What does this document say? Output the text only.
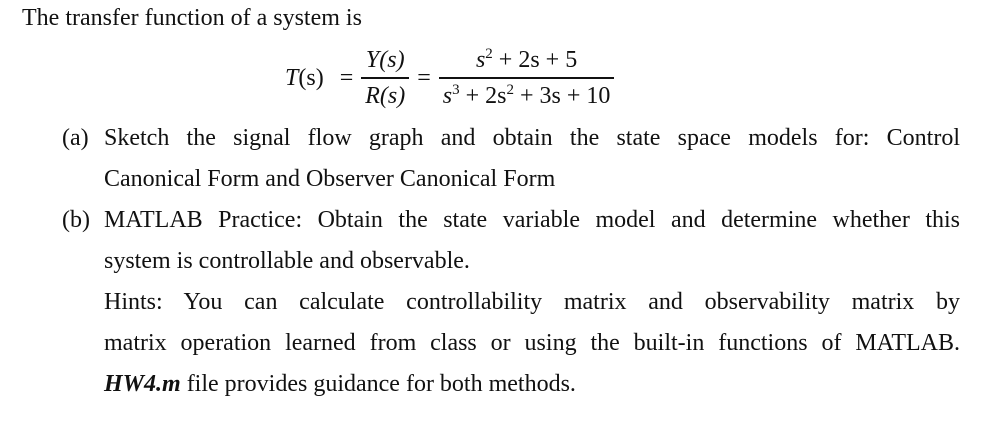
The transfer function of a system is
$T(s) = \frac{Y(s)}{R(s)} = \frac{s^2 + 2s + 5}{s^3 + 2s^2 + 3s + 10}$
(a) Sketch the signal flow graph and obtain the state space models for: Control
Canonical Form and Observer Canonical Form
(b) MATLAB Practice: Obtain the state variable model and determine whether this
system is controllable and observable.
Hints: You can calculate controllability matrix and observability matrix by
matrix operation learned from class or using the built-in functions of MATLAB.
HW4.m file provides guidance for both methods.
